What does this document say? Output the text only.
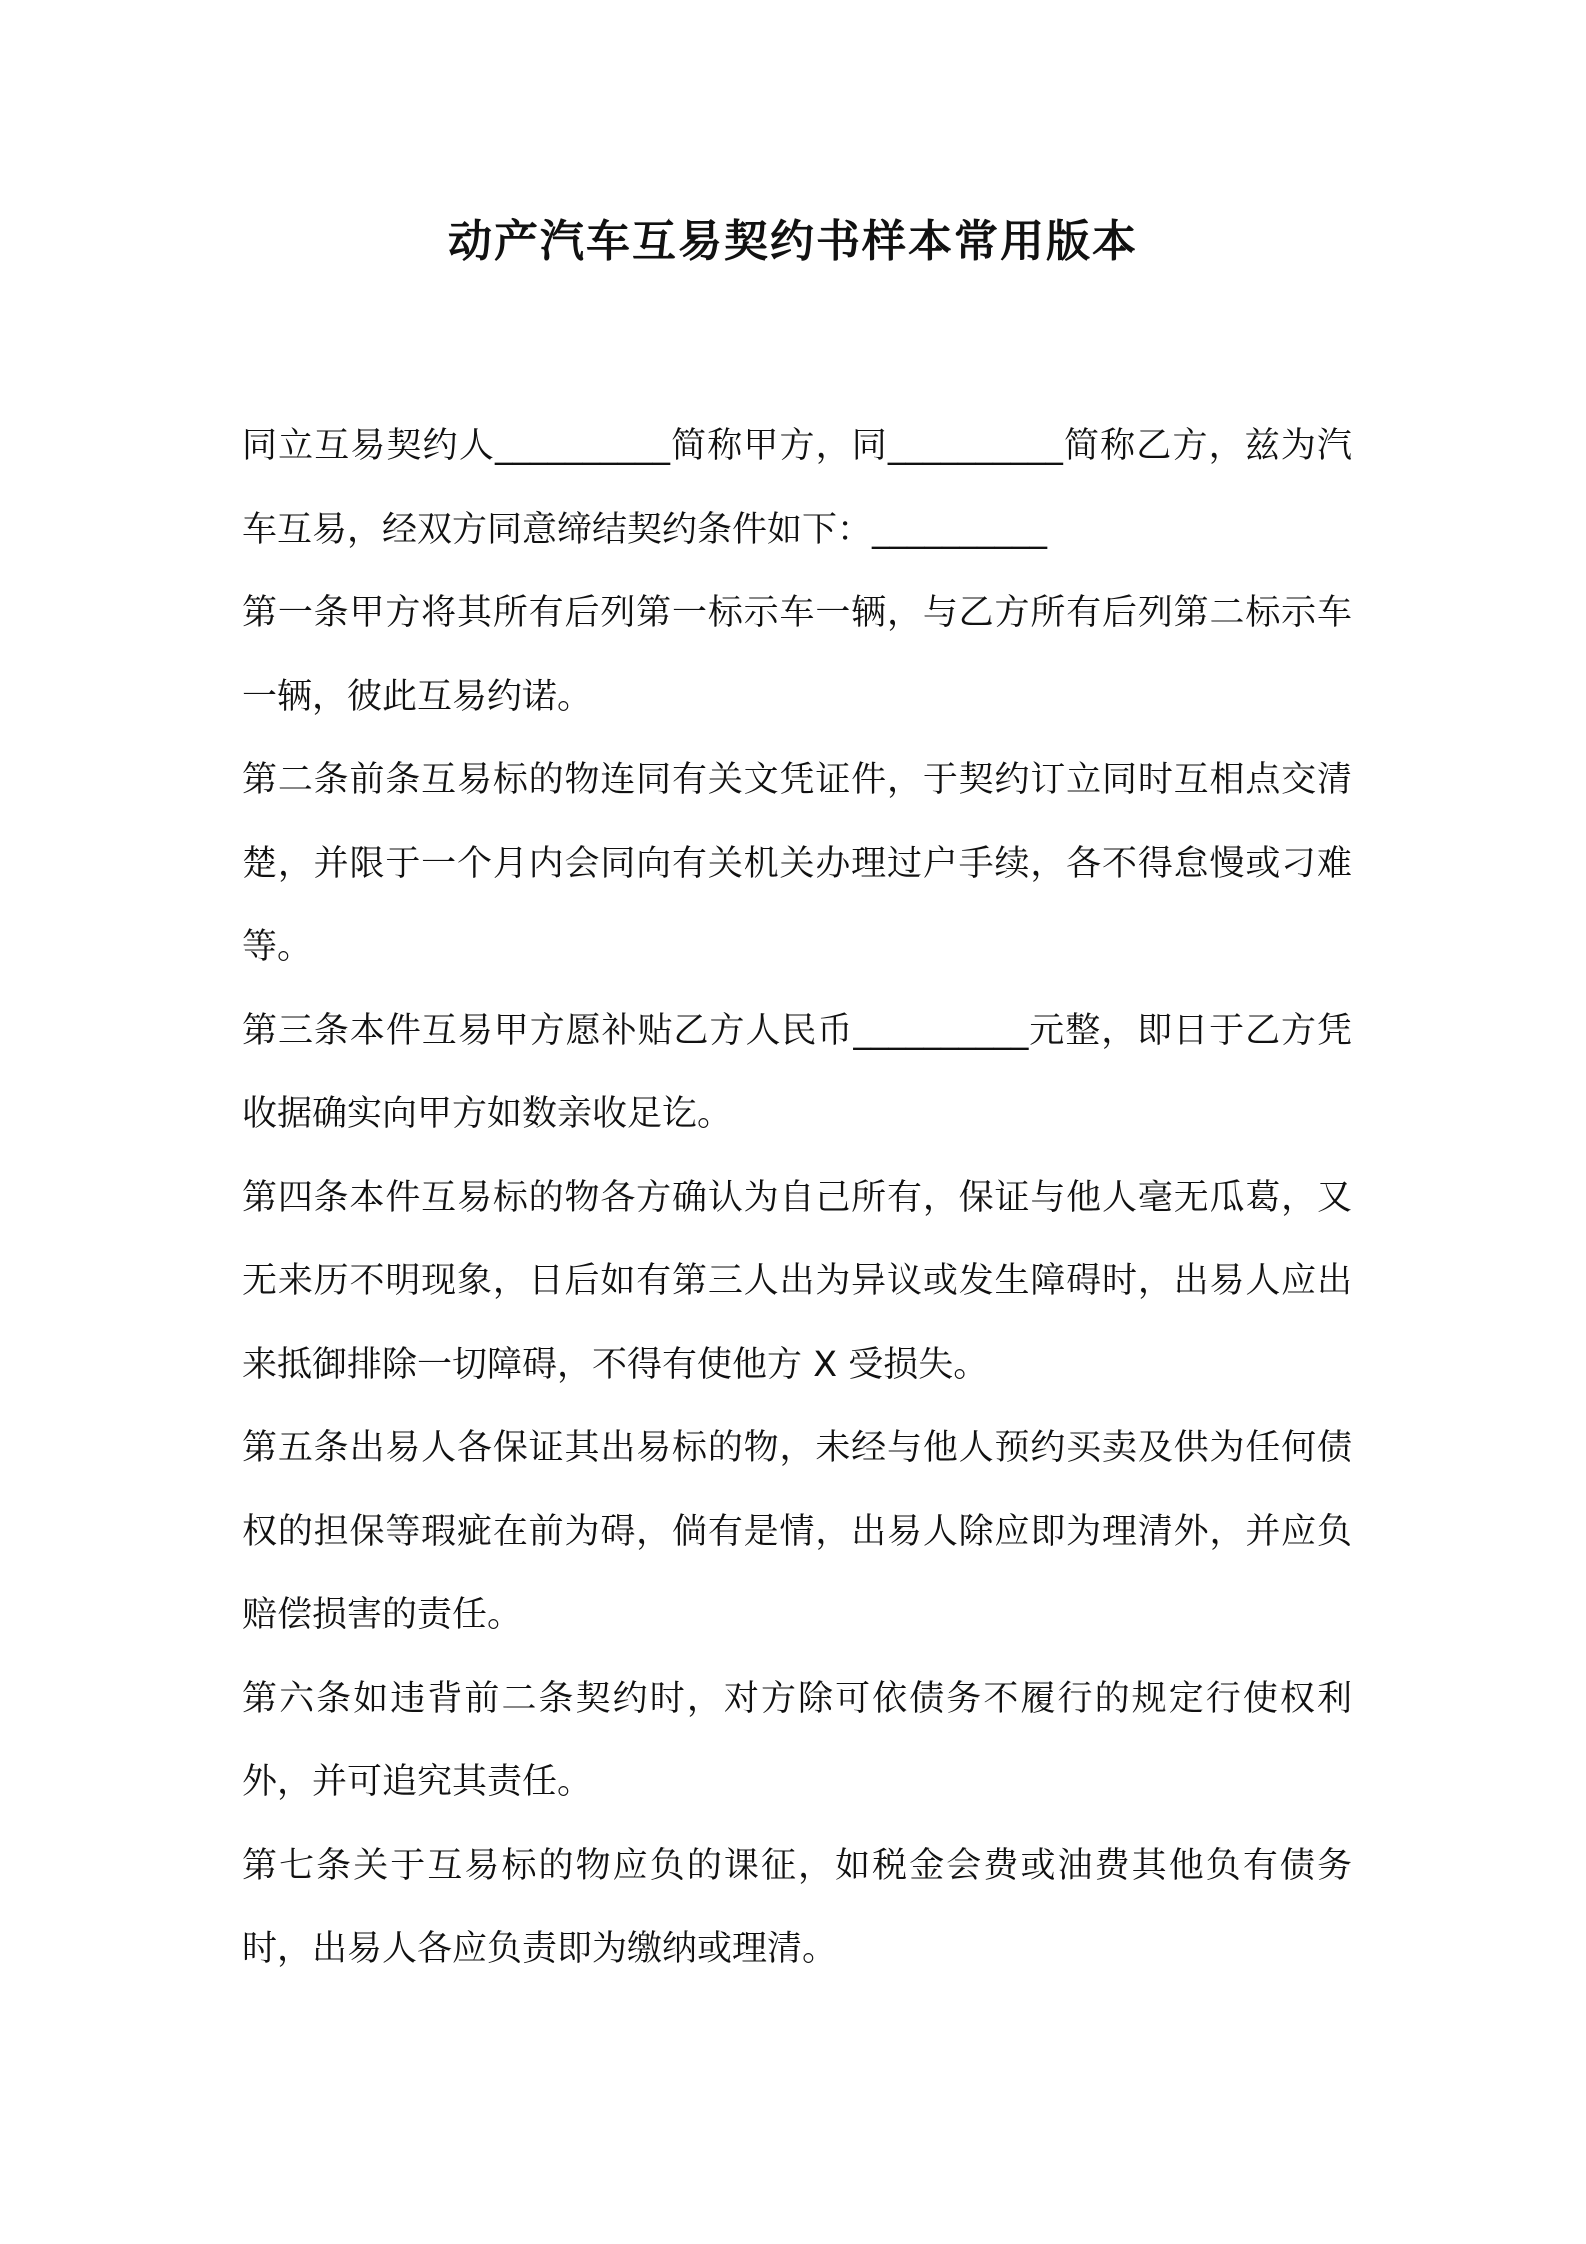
动产汽车互易契约书样本常用版本

同立互易契约人__________简称甲方，同__________简称乙方，兹为汽车互易，经双方同意缔结契约条件如下：__________

第一条甲方将其所有后列第一标示车一辆，与乙方所有后列第二标示车一辆，彼此互易约诺。

第二条前条互易标的物连同有关文凭证件，于契约订立同时互相点交清楚，并限于一个月内会同向有关机关办理过户手续，各不得怠慢或刁难等。

第三条本件互易甲方愿补贴乙方人民币__________元整，即日于乙方凭收据确实向甲方如数亲收足讫。

第四条本件互易标的物各方确认为自己所有，保证与他人毫无瓜葛，又无来历不明现象，日后如有第三人出为异议或发生障碍时，出易人应出来抵御排除一切障碍，不得有使他方 X 受损失。

第五条出易人各保证其出易标的物，未经与他人预约买卖及供为任何债权的担保等瑕疵在前为碍，倘有是情，出易人除应即为理清外，并应负赔偿损害的责任。

第六条如违背前二条契约时，对方除可依债务不履行的规定行使权利外，并可追究其责任。

第七条关于互易标的物应负的课征，如税金会费或油费其他负有债务时，出易人各应负责即为缴纳或理清。
